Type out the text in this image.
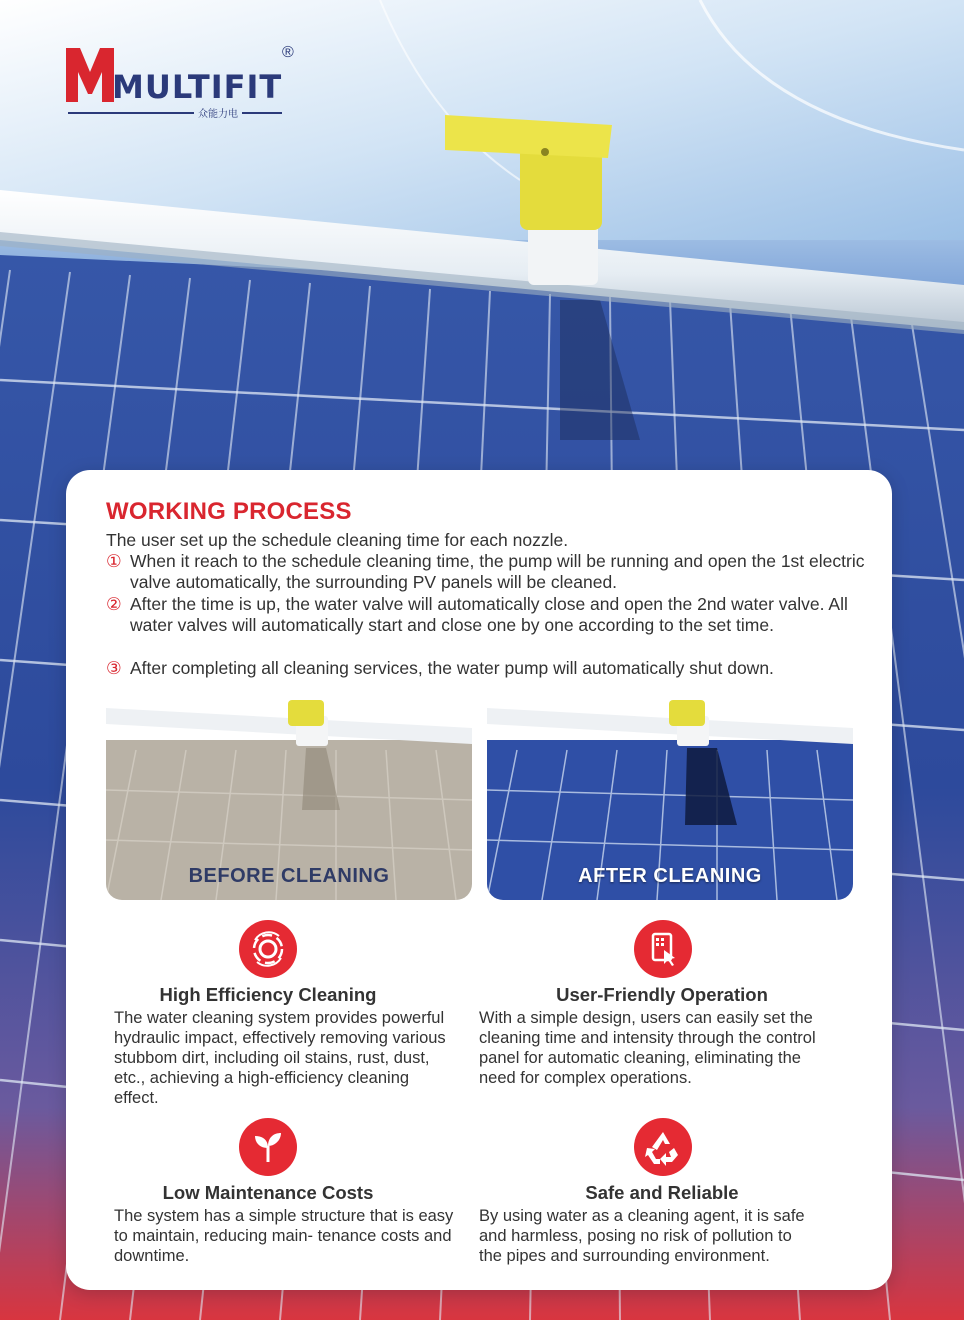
MULTIFIT
®
众能力电
WORKING PROCESS

The user set up the schedule cleaning time for each nozzle.

① When it reach to the schedule cleaning time, the pump will be running and open the 1st electric valve automatically, the surrounding PV panels will be cleaned.
② After the time is up, the water valve will automatically close and open the 2nd water valve. All water valves will automatically start and close one by one according to the set time.
③ After completing all cleaning services, the water pump will automatically shut down.
BEFORE CLEANING	AFTER CLEANING
High Efficiency Cleaning

The water cleaning system provides powerful hydraulic impact, effectively removing various stubbom dirt, including oil stains, rust, dust, etc., achieving a high-efficiency cleaning effect.

User-Friendly Operation

With a simple design, users can easily set the cleaning time and intensity through the control panel for automatic cleaning, eliminating the need for complex operations.

Low Maintenance Costs

The system has a simple structure that is easy to maintain, reducing main- tenance costs and downtime.

Safe and Reliable

By using water as a cleaning agent, it is safe and harmless, posing no risk of pollution to the pipes and surrounding environment.
